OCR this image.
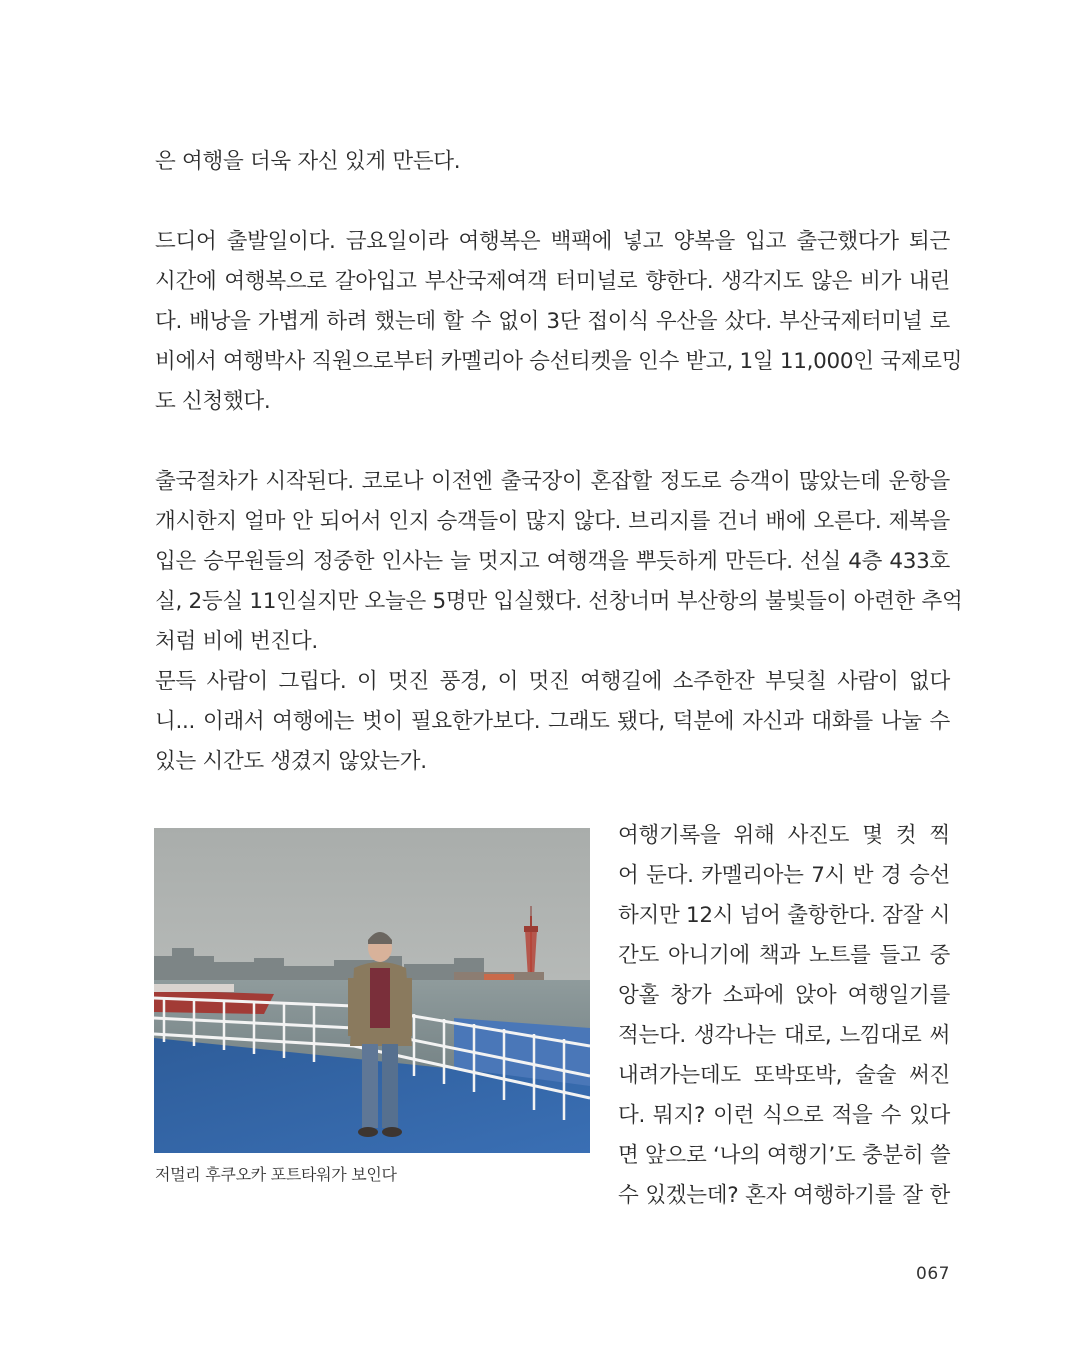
은 여행을 더욱 자신 있게 만든다.
드디어 출발일이다. 금요일이라 여행복은 백팩에 넣고 양복을 입고 출근했다가 퇴근
시간에 여행복으로 갈아입고 부산국제여객 터미널로 향한다. 생각지도 않은 비가 내린
다. 배낭을 가볍게 하려 했는데 할 수 없이 3단 접이식 우산을 샀다. 부산국제터미널 로
비에서 여행박사 직원으로부터 카멜리아 승선티켓을 인수 받고, 1일 11,000인 국제로밍
도 신청했다.
출국절차가 시작된다. 코로나 이전엔 출국장이 혼잡할 정도로 승객이 많았는데 운항을
개시한지 얼마 안 되어서 인지 승객들이 많지 않다. 브리지를 건너 배에 오른다. 제복을
입은 승무원들의 정중한 인사는 늘 멋지고 여행객을 뿌듯하게 만든다. 선실 4층 433호
실, 2등실 11인실지만 오늘은 5명만 입실했다. 선창너머 부산항의 불빛들이 아련한 추억
처럼 비에 번진다.
문득 사람이 그립다. 이 멋진 풍경, 이 멋진 여행길에 소주한잔 부딪칠 사람이 없다
니... 이래서 여행에는 벗이 필요한가보다. 그래도 됐다, 덕분에 자신과 대화를 나눌 수
있는 시간도 생겼지 않았는가.
저멀리 후쿠오카 포트타워가 보인다
여행기록을 위해 사진도 몇 컷 찍
어 둔다. 카멜리아는 7시 반 경 승선
하지만 12시 넘어 출항한다. 잠잘 시
간도 아니기에 책과 노트를 들고 중
앙홀 창가 소파에 앉아 여행일기를
적는다. 생각나는 대로, 느낌대로 써
내려가는데도 또박또박, 술술 써진
다. 뭐지? 이런 식으로 적을 수 있다
면 앞으로 ‘나의 여행기’도 충분히 쓸
수 있겠는데? 혼자 여행하기를 잘 한
067
